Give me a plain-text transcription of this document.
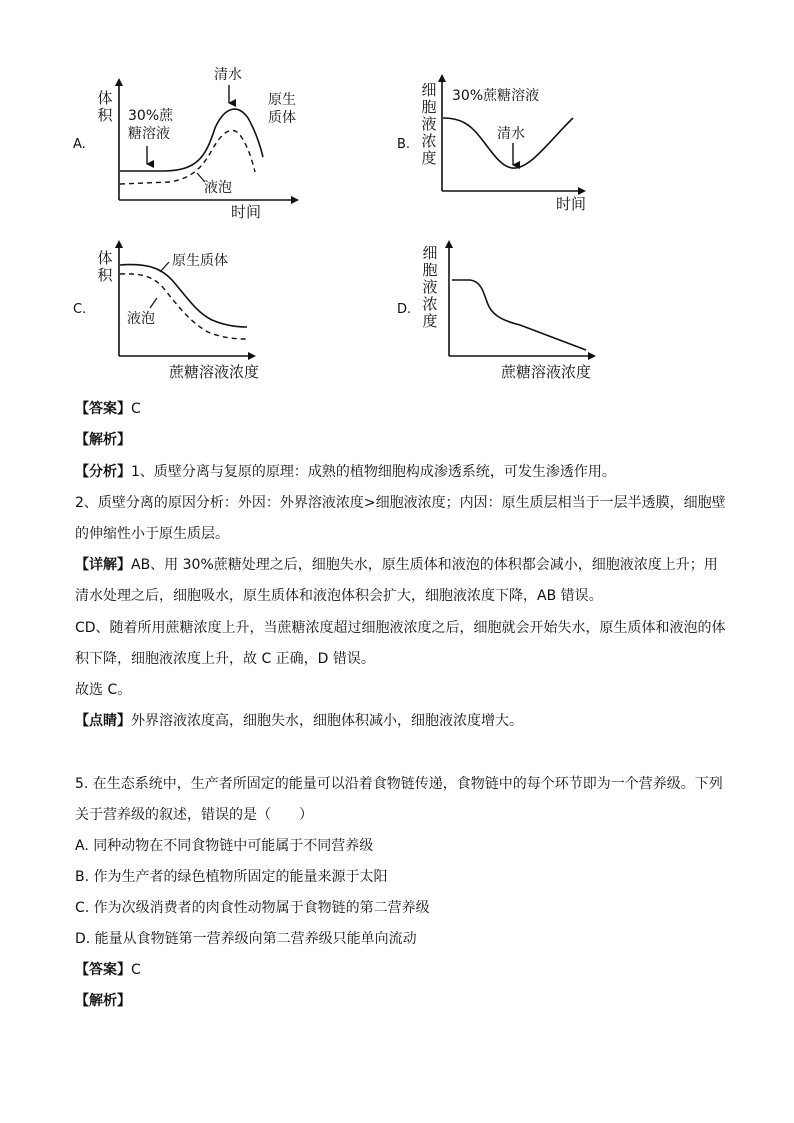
A.
体
积
时间
30%蔗
糖溶液
清水
原生
质体
液泡
B.
细
胞
液
浓
度
时间
30%蔗糖溶液
清水
C.
体
积
蔗糖溶液浓度
原生质体
液泡
D.
细
胞
液
浓
度
蔗糖溶液浓度
【答案】C
【解析】
【分析】1、质壁分离与复原的原理：成熟的植物细胞构成渗透系统，可发生渗透作用。
2、质壁分离的原因分析：外因：外界溶液浓度>细胞液浓度；内因：原生质层相当于一层半透膜，细胞壁
的伸缩性小于原生质层。
【详解】AB、用 30%蔗糖处理之后，细胞失水，原生质体和液泡的体积都会减小，细胞液浓度上升；用
清水处理之后，细胞吸水，原生质体和液泡体积会扩大，细胞液浓度下降，AB 错误。
CD、随着所用蔗糖浓度上升，当蔗糖浓度超过细胞液浓度之后，细胞就会开始失水，原生质体和液泡的体
积下降，细胞液浓度上升，故 C 正确，D 错误。
故选 C。
【点睛】外界溶液浓度高，细胞失水，细胞体积减小，细胞液浓度增大。
5. 在生态系统中，生产者所固定的能量可以沿着食物链传递，食物链中的每个环节即为一个营养级。下列
关于营养级的叙述，错误的是（　　）
A. 同种动物在不同食物链中可能属于不同营养级
B. 作为生产者的绿色植物所固定的能量来源于太阳
C. 作为次级消费者的肉食性动物属于食物链的第二营养级
D. 能量从食物链第一营养级向第二营养级只能单向流动
【答案】C
【解析】
